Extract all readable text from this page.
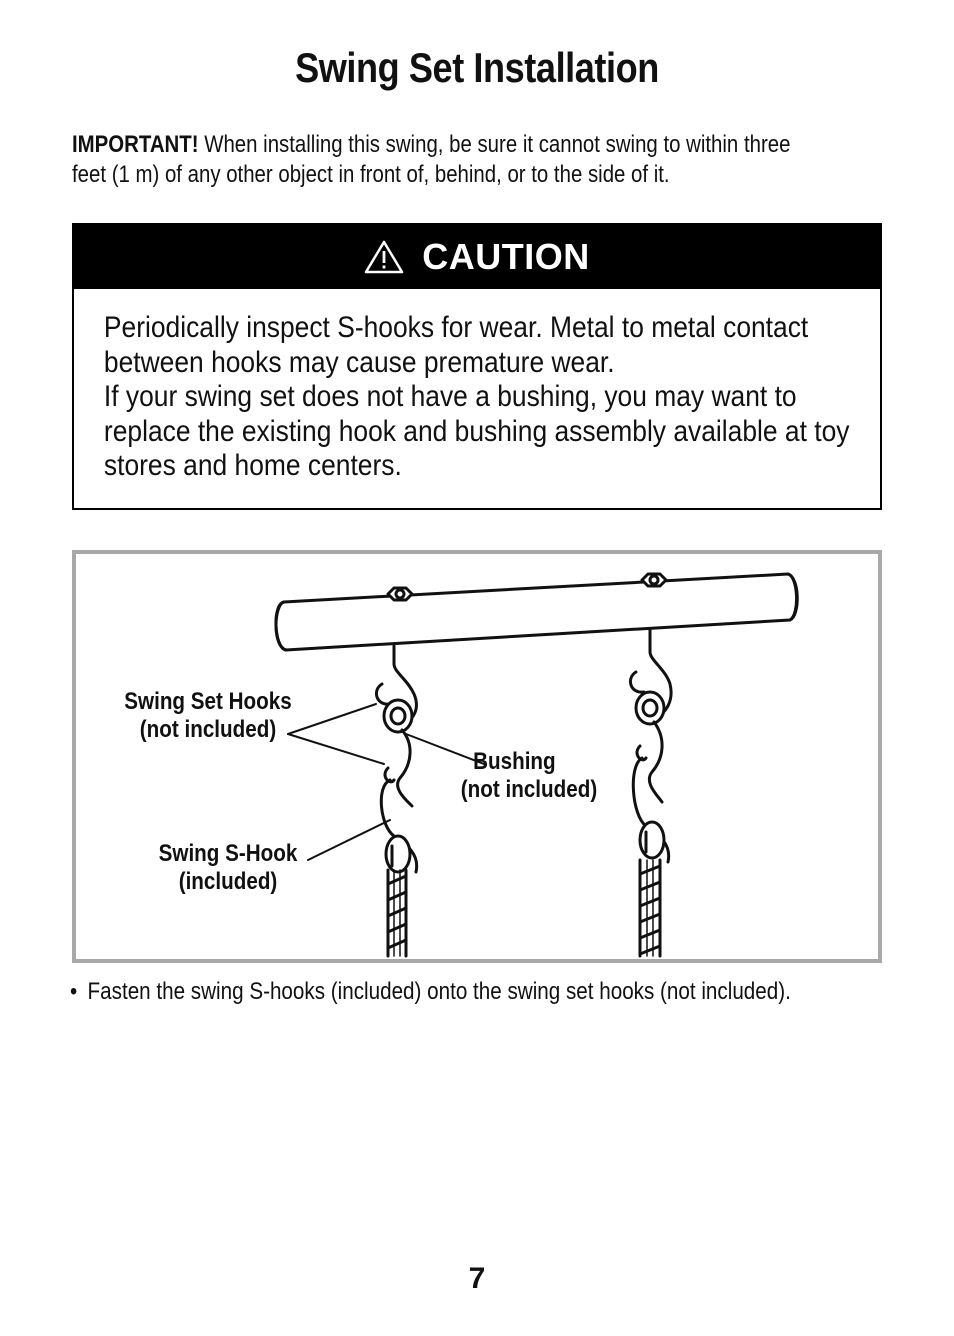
Swing Set Installation
IMPORTANT! When installing this swing, be sure it cannot swing to within three feet (1 m) of any other object in front of, behind, or to the side of it.
CAUTION

Periodically inspect S-hooks for wear. Metal to metal contact between hooks may cause premature wear.

If your swing set does not have a bushing, you may want to replace the existing hook and bushing assembly available at toy stores and home centers.

Swing Set Hooks
(not included)
Bushing
(not included)
Swing S-Hook
(included)
• Fasten the swing S-hooks (included) onto the swing set hooks (not included).
7
